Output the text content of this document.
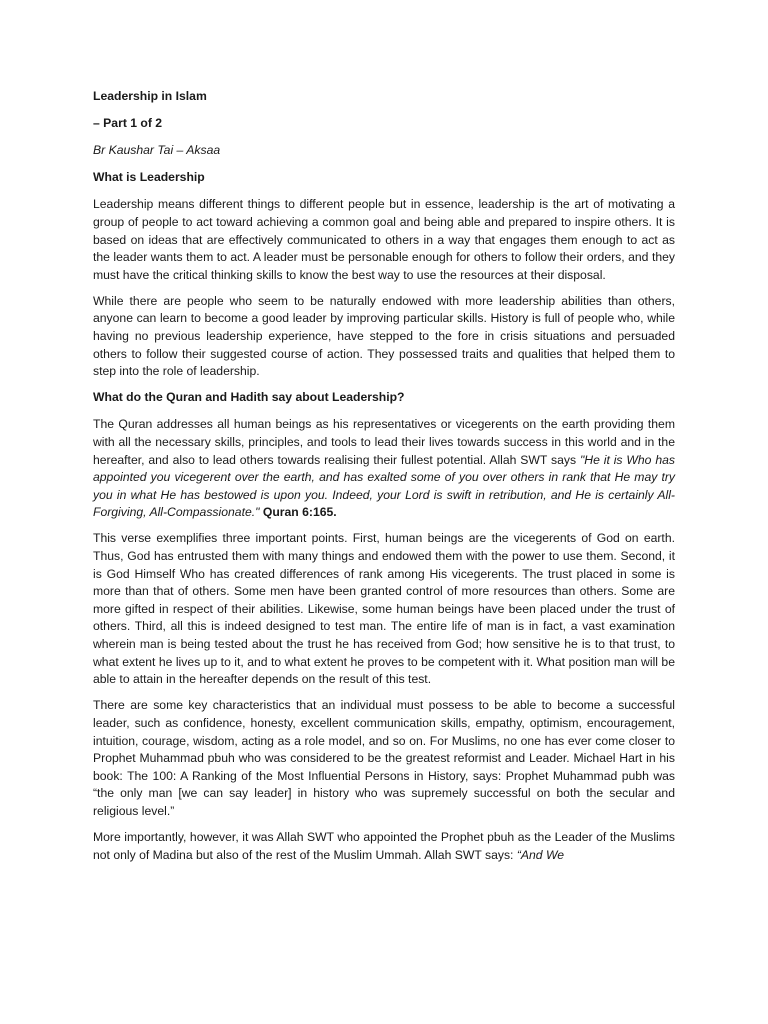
Leadership in Islam
– Part 1 of 2
Br Kaushar Tai – Aksaa
What is Leadership

Leadership means different things to different people but in essence, leadership is the art of motivating a group of people to act toward achieving a common goal and being able and prepared to inspire others. It is based on ideas that are effectively communicated to others in a way that engages them enough to act as the leader wants them to act. A leader must be personable enough for others to follow their orders, and they must have the critical thinking skills to know the best way to use the resources at their disposal.

While there are people who seem to be naturally endowed with more leadership abilities than others, anyone can learn to become a good leader by improving particular skills. History is full of people who, while having no previous leadership experience, have stepped to the fore in crisis situations and persuaded others to follow their suggested course of action. They possessed traits and qualities that helped them to step into the role of leadership.

What do the Quran and Hadith say about Leadership?

The Quran addresses all human beings as his representatives or vicegerents on the earth providing them with all the necessary skills, principles, and tools to lead their lives towards success in this world and in the hereafter, and also to lead others towards realising their fullest potential. Allah SWT says "He it is Who has appointed you vicegerent over the earth, and has exalted some of you over others in rank that He may try you in what He has bestowed is upon you. Indeed, your Lord is swift in retribution, and He is certainly All-Forgiving, All-Compassionate." Quran 6:165.

This verse exemplifies three important points. First, human beings are the vicegerents of God on earth. Thus, God has entrusted them with many things and endowed them with the power to use them. Second, it is God Himself Who has created differences of rank among His vicegerents. The trust placed in some is more than that of others. Some men have been granted control of more resources than others. Some are more gifted in respect of their abilities. Likewise, some human beings have been placed under the trust of others. Third, all this is indeed designed to test man. The entire life of man is in fact, a vast examination wherein man is being tested about the trust he has received from God; how sensitive he is to that trust, to what extent he lives up to it, and to what extent he proves to be competent with it. What position man will be able to attain in the hereafter depends on the result of this test.

There are some key characteristics that an individual must possess to be able to become a successful leader, such as confidence, honesty, excellent communication skills, empathy, optimism, encouragement, intuition, courage, wisdom, acting as a role model, and so on. For Muslims, no one has ever come closer to Prophet Muhammad pbuh who was considered to be the greatest reformist and Leader. Michael Hart in his book: The 100: A Ranking of the Most Influential Persons in History, says: Prophet Muhammad pubh was “the only man [we can say leader] in history who was supremely successful on both the secular and religious level.”

More importantly, however, it was Allah SWT who appointed the Prophet pbuh as the Leader of the Muslims not only of Madina but also of the rest of the Muslim Ummah. Allah SWT says: “And We
